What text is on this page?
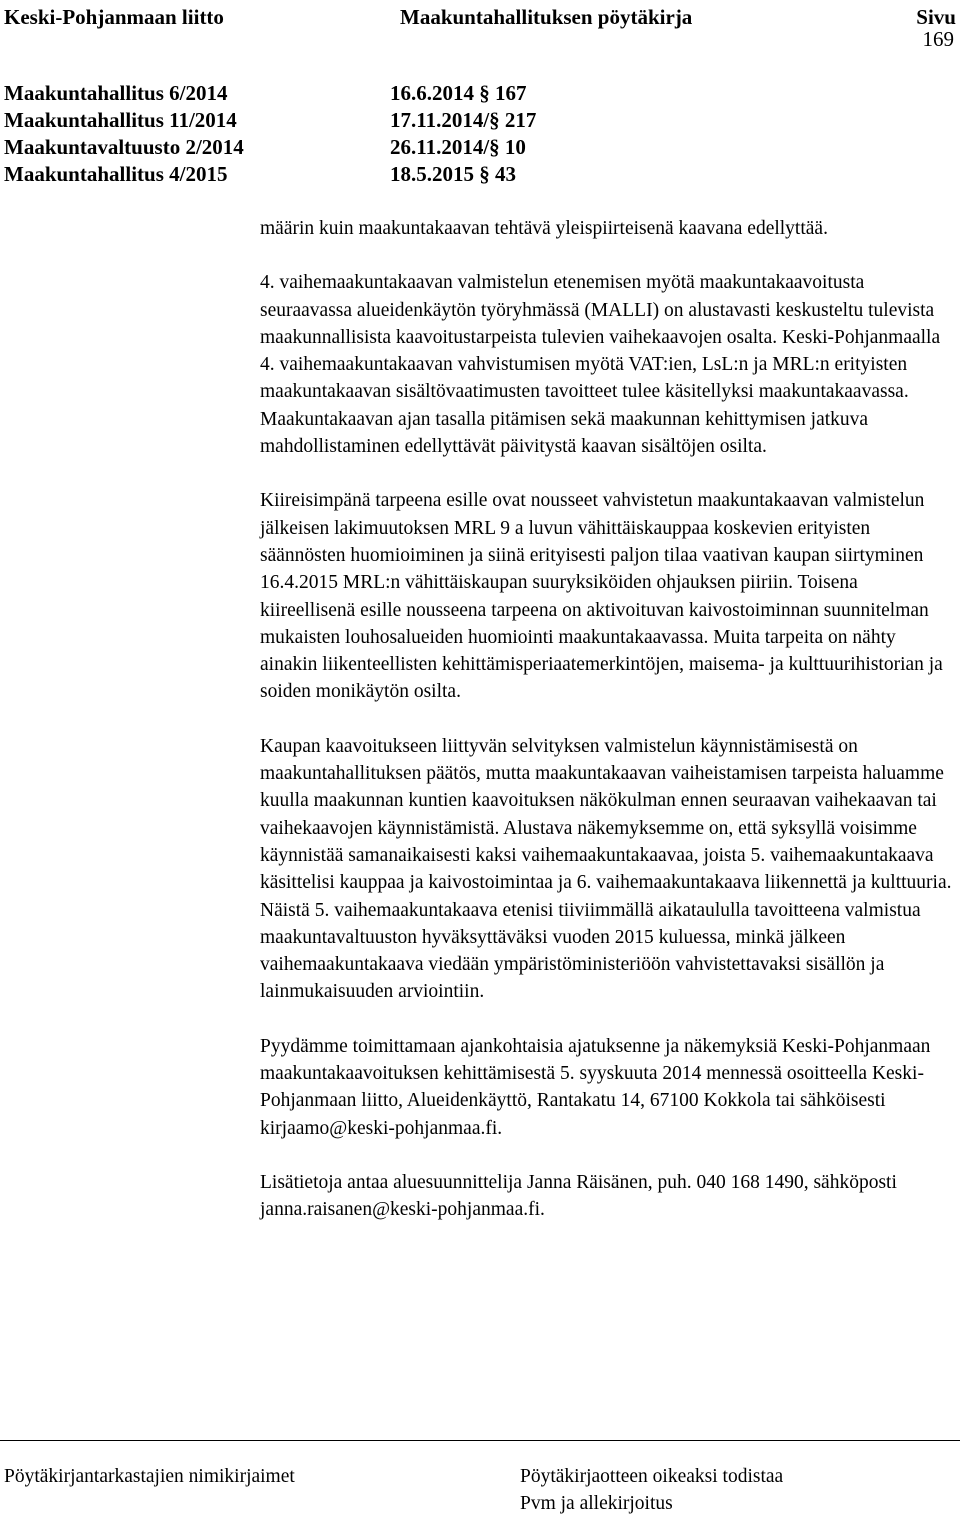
Keski-Pohjanmaan liitto	Maakuntahallituksen pöytäkirja	Sivu
169
Maakuntahallitus 6/2014	16.6.2014 § 167
Maakuntahallitus 11/2014	17.11.2014/§ 217
Maakuntavaltuusto 2/2014	26.11.2014/§ 10
Maakuntahallitus 4/2015	18.5.2015 § 43

määrin kuin maakuntakaavan tehtävä yleispiirteisenä kaavana edellyttää.

4. vaihemaakuntakaavan valmistelun etenemisen myötä maakuntakaavoitusta seuraavassa alueidenkäytön työryhmässä (MALLI) on alustavasti keskusteltu tulevista maakunnallisista kaavoitustarpeista tulevien vaihekaavojen osalta. Keski-Pohjanmaalla 4. vaihemaakuntakaavan vahvistumisen myötä VAT:ien, LsL:n ja MRL:n erityisten maakuntakaavan sisältövaatimusten tavoitteet tulee käsitellyksi maakuntakaavassa. Maakuntakaavan ajan tasalla pitämisen sekä maakunnan kehittymisen jatkuva mahdollistaminen edellyttävät päivitystä kaavan sisältöjen osilta.

Kiireisimpänä tarpeena esille ovat nousseet vahvistetun maakuntakaavan valmistelun jälkeisen lakimuutoksen MRL 9 a luvun vähittäiskauppaa koskevien erityisten säännösten huomioiminen ja siinä erityisesti paljon tilaa vaativan kaupan siirtyminen 16.4.2015 MRL:n vähittäiskaupan suuryksiköiden ohjauksen piiriin. Toisena kiireellisenä esille nousseena tarpeena on aktivoituvan kaivostoiminnan suunnitelman mukaisten louhosalueiden huomiointi maakuntakaavassa. Muita tarpeita on nähty ainakin liikenteellisten kehittämisperiaatemerkintöjen, maisema- ja kulttuurihistorian ja soiden monikäytön osilta.

Kaupan kaavoitukseen liittyvän selvityksen valmistelun käynnistämisestä on maakuntahallituksen päätös, mutta maakuntakaavan vaiheistamisen tarpeista haluamme kuulla maakunnan kuntien kaavoituksen näkökulman ennen seuraavan vaihekaavan tai vaihekaavojen käynnistämistä. Alustava näkemyksemme on, että syksyllä voisimme käynnistää samanaikaisesti kaksi vaihemaakuntakaavaa, joista 5. vaihemaakuntakaava käsittelisi kauppaa ja kaivostoimintaa ja 6. vaihemaakuntakaava liikennettä ja kulttuuria. Näistä 5. vaihemaakuntakaava etenisi tiiviimmällä aikataululla tavoitteena valmistua maakuntavaltuuston hyväksyttäväksi vuoden 2015 kuluessa, minkä jälkeen vaihemaakuntakaava viedään ympäristöministeriöön vahvistettavaksi sisällön ja lainmukaisuuden arviointiin.

Pyydämme toimittamaan ajankohtaisia ajatuksenne ja näkemyksiä Keski-Pohjanmaan maakuntakaavoituksen kehittämisestä 5. syyskuuta 2014 mennessä osoitteella Keski-Pohjanmaan liitto, Alueidenkäyttö, Rantakatu 14, 67100 Kokkola tai sähköisesti kirjaamo@keski-pohjanmaa.fi.

Lisätietoja antaa aluesuunnittelija Janna Räisänen, puh. 040 168 1490, sähköposti janna.raisanen@keski-pohjanmaa.fi.

Pöytäkirjantarkastajien nimikirjaimet	Pöytäkirjaotteen oikeaksi todistaa
Pvm ja allekirjoitus
